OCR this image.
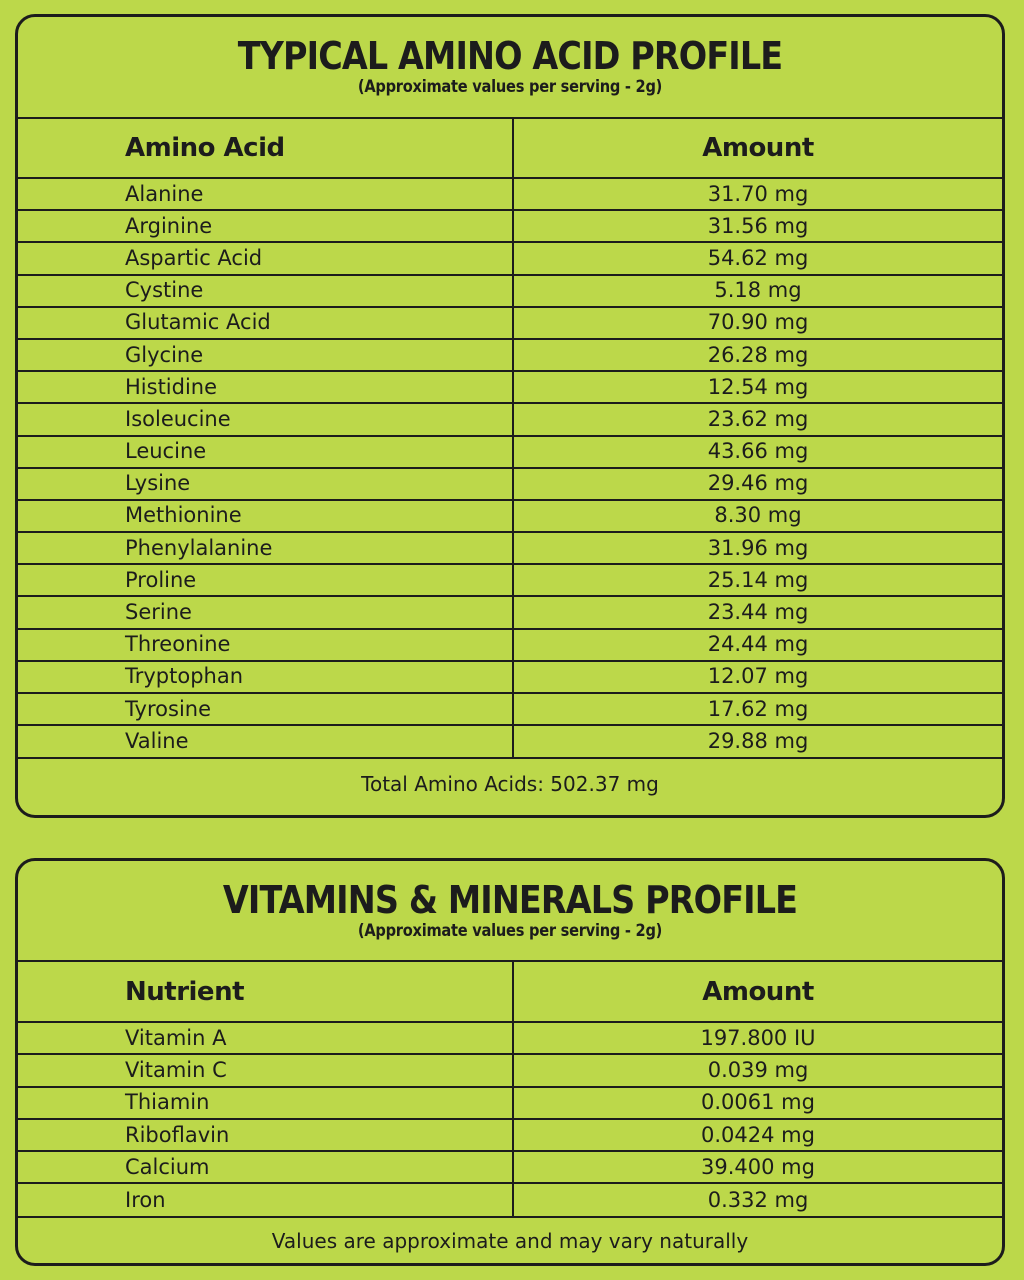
TYPICAL AMINO ACID PROFILE
(Approximate values per serving - 2g)
Amino Acid	Amount
Alanine	31.70 mg
Arginine	31.56 mg
Aspartic Acid	54.62 mg
Cystine	5.18 mg
Glutamic Acid	70.90 mg
Glycine	26.28 mg
Histidine	12.54 mg
Isoleucine	23.62 mg
Leucine	43.66 mg
Lysine	29.46 mg
Methionine	8.30 mg
Phenylalanine	31.96 mg
Proline	25.14 mg
Serine	23.44 mg
Threonine	24.44 mg
Tryptophan	12.07 mg
Tyrosine	17.62 mg
Valine	29.88 mg
Total Amino Acids: 502.37 mg
VITAMINS & MINERALS PROFILE
(Approximate values per serving - 2g)
Nutrient	Amount
Vitamin A	197.800 IU
Vitamin C	0.039 mg
Thiamin	0.0061 mg
Riboflavin	0.0424 mg
Calcium	39.400 mg
Iron	0.332 mg
Values are approximate and may vary naturally
